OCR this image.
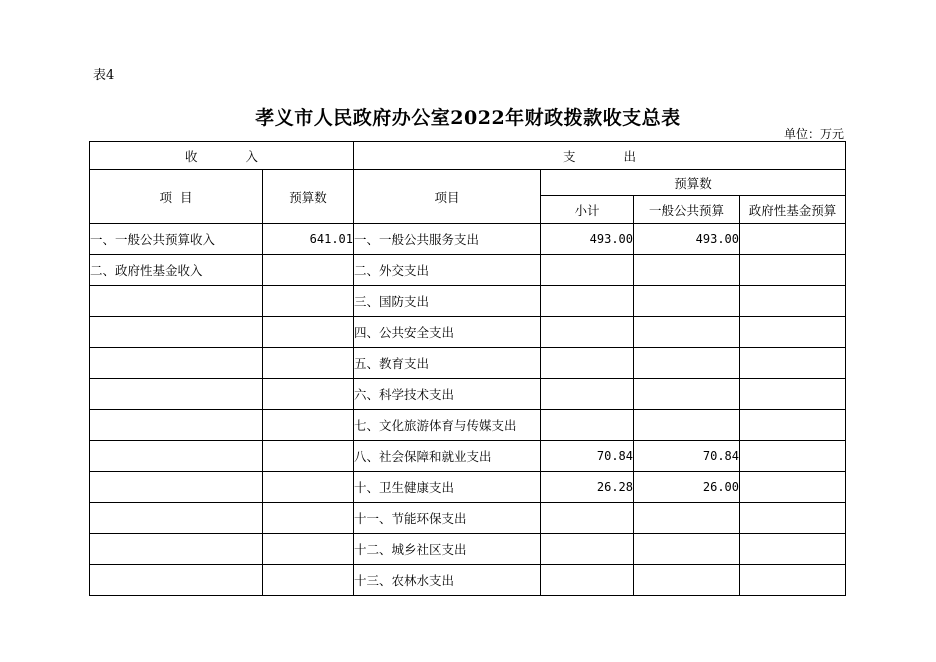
表4
孝义市人民政府办公室2022年财政拨款收支总表
单位：万元
收 入		支 出			
项  目	预算数	项目	预算数		
			小计	一般公共预算	政府性基金预算
一、一般公共预算收入	641.01	一、一般公共服务支出	493.00	493.00	
二、政府性基金收入		二、外交支出			
		三、国防支出			
		四、公共安全支出			
		五、教育支出			
		六、科学技术支出			
		七、文化旅游体育与传媒支出			
		八、社会保障和就业支出	70.84	70.84	
		十、卫生健康支出	26.28	26.00	
		十一、节能环保支出			
		十二、城乡社区支出			
		十三、农林水支出			
